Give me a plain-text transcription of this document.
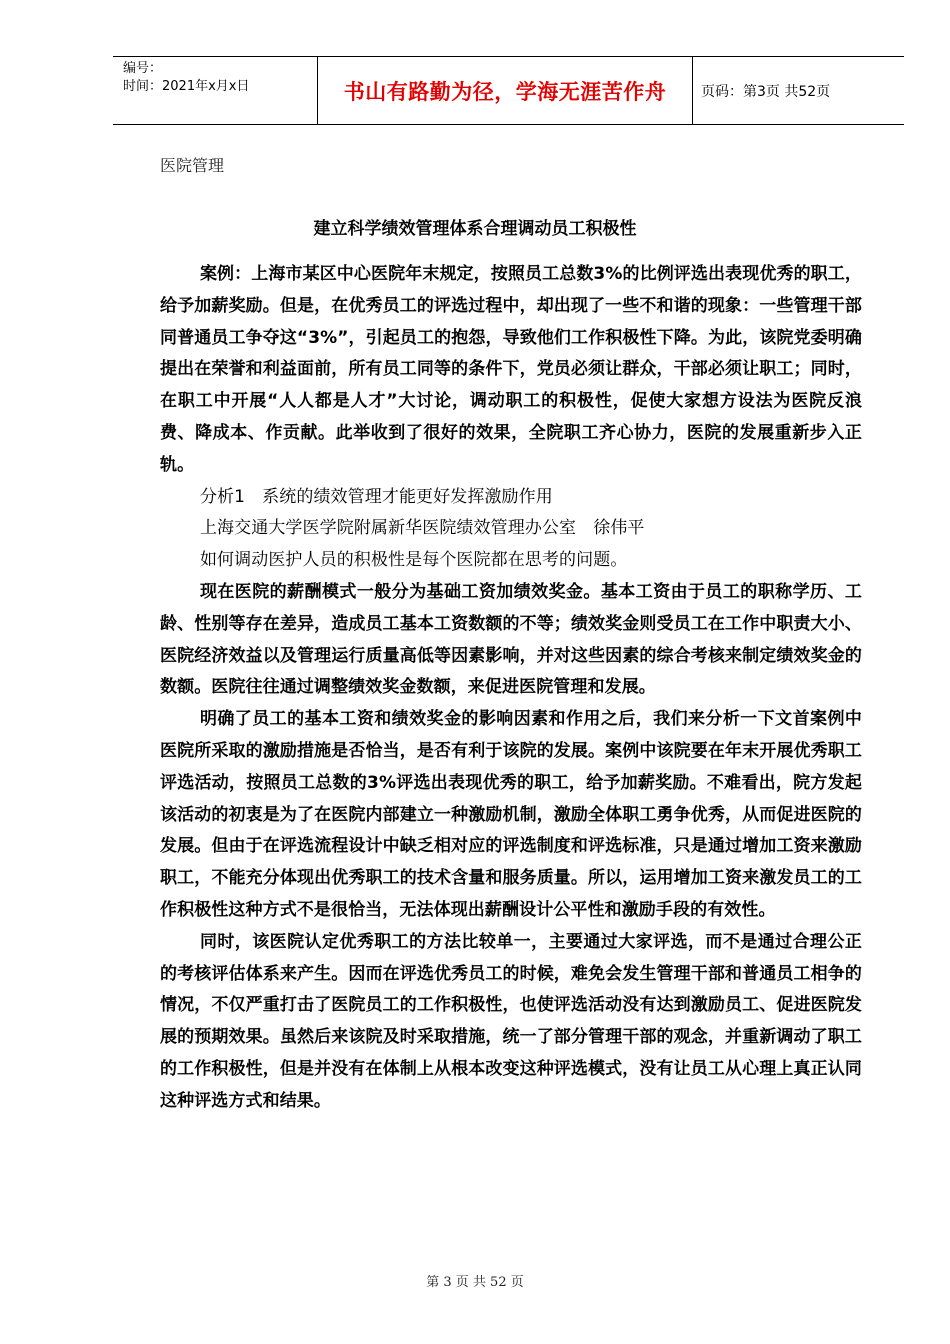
编号：
时间：2021年x月x日	书山有路勤为径，学海无涯苦作舟	页码：第3页 共52页
医院管理
建立科学绩效管理体系合理调动员工积极性

案例：上海市某区中心医院年末规定，按照员工总数3%的比例评选出表现优秀的职工，给予加薪奖励。但是，在优秀员工的评选过程中，却出现了一些不和谐的现象：一些管理干部同普通员工争夺这“3%”，引起员工的抱怨，导致他们工作积极性下降。为此，该院党委明确提出在荣誉和利益面前，所有员工同等的条件下，党员必须让群众，干部必须让职工；同时，在职工中开展“人人都是人才”大讨论，调动职工的积极性，促使大家想方设法为医院反浪费、降成本、作贡献。此举收到了很好的效果，全院职工齐心协力，医院的发展重新步入正轨。

分析1　系统的绩效管理才能更好发挥激励作用

上海交通大学医学院附属新华医院绩效管理办公室　徐伟平

如何调动医护人员的积极性是每个医院都在思考的问题。

现在医院的薪酬模式一般分为基础工资加绩效奖金。基本工资由于员工的职称学历、工龄、性别等存在差异，造成员工基本工资数额的不等；绩效奖金则受员工在工作中职责大小、医院经济效益以及管理运行质量高低等因素影响，并对这些因素的综合考核来制定绩效奖金的数额。医院往往通过调整绩效奖金数额，来促进医院管理和发展。

明确了员工的基本工资和绩效奖金的影响因素和作用之后，我们来分析一下文首案例中医院所采取的激励措施是否恰当，是否有利于该院的发展。案例中该院要在年末开展优秀职工评选活动，按照员工总数的3%评选出表现优秀的职工，给予加薪奖励。不难看出，院方发起该活动的初衷是为了在医院内部建立一种激励机制，激励全体职工勇争优秀，从而促进医院的发展。但由于在评选流程设计中缺乏相对应的评选制度和评选标准，只是通过增加工资来激励职工，不能充分体现出优秀职工的技术含量和服务质量。所以，运用增加工资来激发员工的工作积极性这种方式不是很恰当，无法体现出薪酬设计公平性和激励手段的有效性。

同时，该医院认定优秀职工的方法比较单一，主要通过大家评选，而不是通过合理公正的考核评估体系来产生。因而在评选优秀员工的时候，难免会发生管理干部和普通员工相争的情况，不仅严重打击了医院员工的工作积极性，也使评选活动没有达到激励员工、促进医院发展的预期效果。虽然后来该院及时采取措施，统一了部分管理干部的观念，并重新调动了职工的工作积极性，但是并没有在体制上从根本改变这种评选模式，没有让员工从心理上真正认同这种评选方式和结果。

第 3 页 共 52 页
